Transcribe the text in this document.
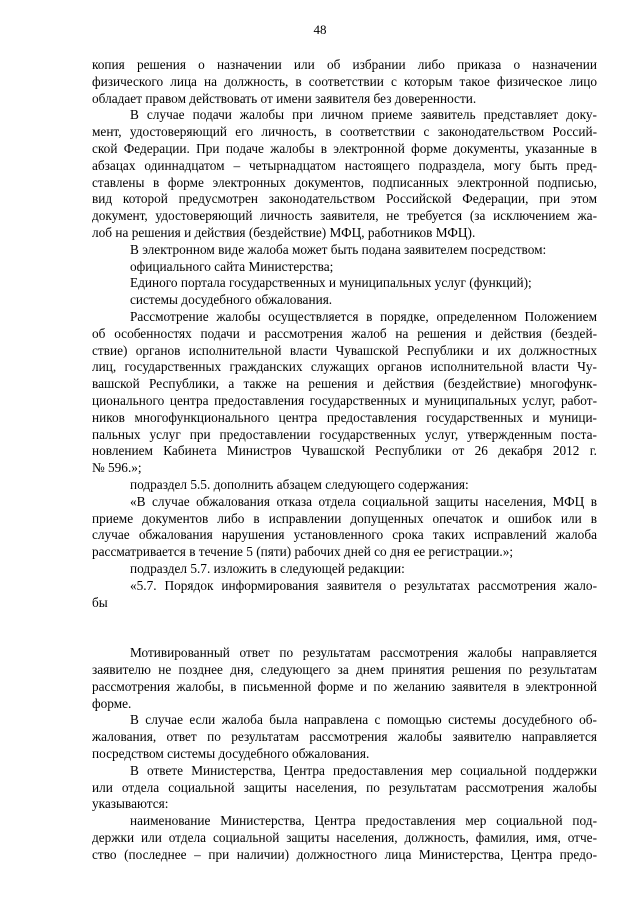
48
копия решения о назначении или об избрании либо приказа о назначении
физического лица на должность, в соответствии с которым такое физическое лицо
обладает правом действовать от имени заявителя без доверенности.
В случае подачи жалобы при личном приеме заявитель представляет доку-
мент, удостоверяющий его личность, в соответствии с законодательством Россий-
ской Федерации. При подаче жалобы в электронной форме документы, указанные в
абзацах одиннадцатом – четырнадцатом настоящего подраздела, могу быть пред-
ставлены в форме электронных документов, подписанных электронной подписью,
вид которой предусмотрен законодательством Российской Федерации, при этом
документ, удостоверяющий личность заявителя, не требуется (за исключением жа-
лоб на решения и действия (бездействие) МФЦ, работников МФЦ).
В электронном виде жалоба может быть подана заявителем посредством:
официального сайта Министерства;
Единого портала государственных и муниципальных услуг (функций);
системы досудебного обжалования.
Рассмотрение жалобы осуществляется в порядке, определенном Положением
об особенностях подачи и рассмотрения жалоб на решения и действия (бездей-
ствие) органов исполнительной власти Чувашской Республики и их должностных
лиц, государственных гражданских служащих органов исполнительной власти Чу-
вашской Республики, а также на решения и действия (бездействие) многофунк-
ционального центра предоставления государственных и муниципальных услуг, работ-
ников многофункционального центра предоставления государственных и муници-
пальных услуг при предоставлении государственных услуг, утвержденным поста-
новлением Кабинета Министров Чувашской Республики от 26 декабря 2012 г.
№ 596.»;
подраздел 5.5. дополнить абзацем следующего содержания:
«В случае обжалования отказа отдела социальной защиты населения, МФЦ в
приеме документов либо в исправлении допущенных опечаток и ошибок или в
случае обжалования нарушения установленного срока таких исправлений жалоба
рассматривается в течение 5 (пяти) рабочих дней со дня ее регистрации.»;
подраздел 5.7. изложить в следующей редакции:
«5.7. Порядок информирования заявителя о результатах рассмотрения жало-
бы
Мотивированный ответ по результатам рассмотрения жалобы направляется
заявителю не позднее дня, следующего за днем принятия решения по результатам
рассмотрения жалобы, в письменной форме и по желанию заявителя в электронной
форме.
В случае если жалоба была направлена с помощью системы досудебного об-
жалования, ответ по результатам рассмотрения жалобы заявителю направляется
посредством системы досудебного обжалования.
В ответе Министерства, Центра предоставления мер социальной поддержки
или отдела социальной защиты населения, по результатам рассмотрения жалобы
указываются:
наименование Министерства, Центра предоставления мер социальной под-
держки или отдела социальной защиты населения, должность, фамилия, имя, отче-
ство (последнее – при наличии) должностного лица Министерства, Центра предо-
